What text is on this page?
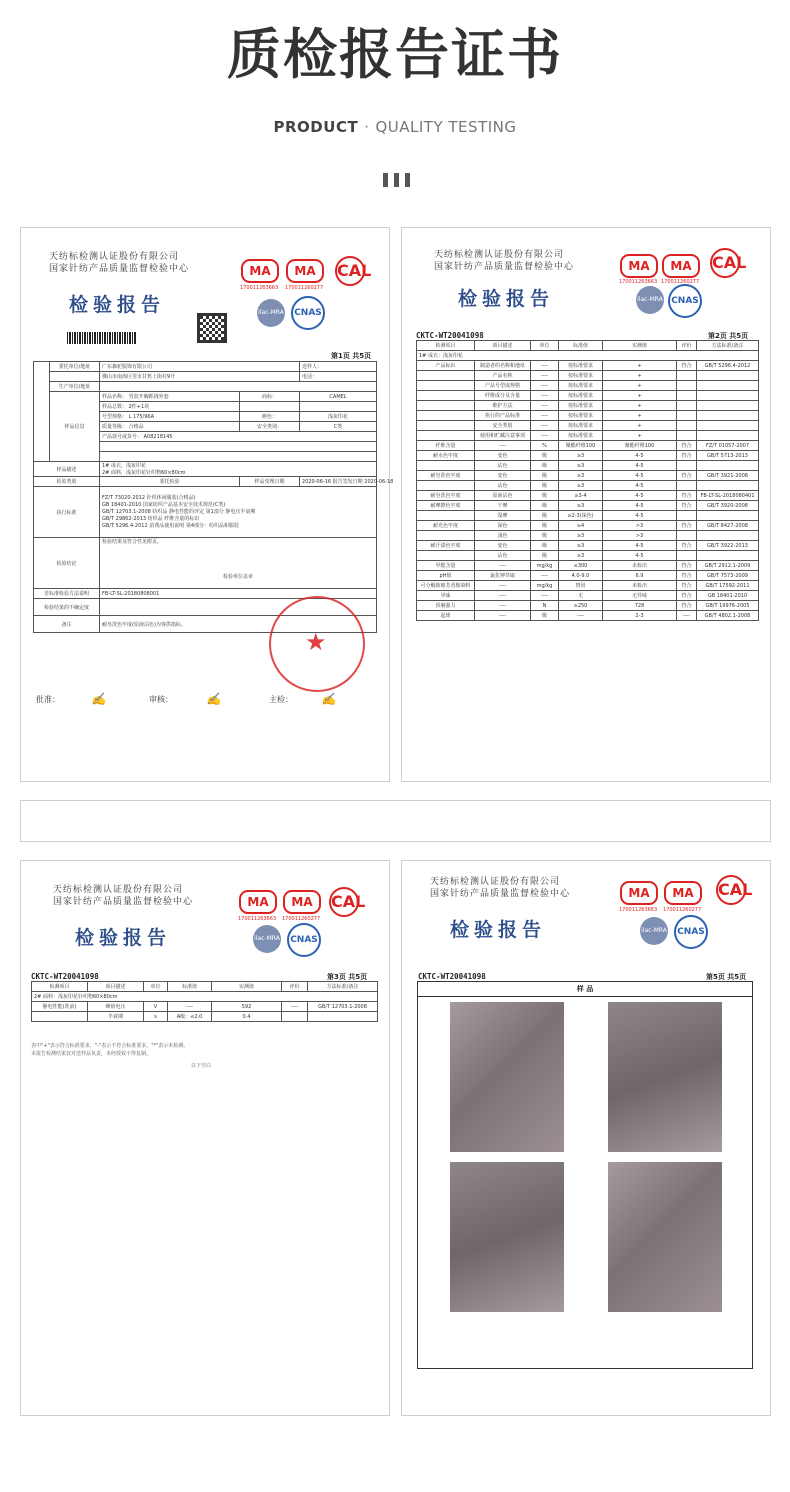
质检报告证书
PRODUCT · QUALITY TESTING
天纺标检测认证股份有限公司
国家针纺产品质量监督检验中心
检验报告
MA
170011263663
MA
170011260277
CAL
ilac-MRA	CNAS
第1页 共5页
	委托单位/地址	广东森驼服饰有限公司		送样人：
		佛山市南海区里水甘蕉上街村9号		电话：
	生产单位/地址			
	样品信息	样品名称： 男款开胸抓绒外套	商标：	CAMEL
		样品总数： 2件+1块		
		号型规格： L 175/96A	颜色：	浅灰印花
		质量等级： 合格品	安全类别：	C类
		产品款号或货号： A08218145		

样品描述		1# 成衣，浅灰印花
2# 面料，浅灰印花针织物60×80cm		

检验类别		委托检验	样品受理日期	2020-06-16 报告签发日期 2020-06-18
执行标准		FZ/T 73020-2012 针织休闲服装(合格品)
GB 18401-2010 国家纺织产品基本安全技术规范(C类)
GB/T 12703.1-2008 纺织品 静电性能的评定 第1部分 静电压半衰期
GB/T 29862-2013 纺织品 纤维含量的标识
GB/T 5296.4-2012 消费品使用说明 第4部分：纺织品和服装		

检验结论		检验结果及符合性见附页。
检验单位盖章		

非标准检验方法说明		FB-LT-SL-20180808001		
检验结果的不确定度				
备注		耐皂洗色牢度(原液沾色)为客供指标。		
★
批准：	✍	审核：	✍	主检： ✍
天纺标检测认证股份有限公司
国家针纺产品质量监督检验中心
检验报告
MA
170011263663
MA
170011260277
CAL
ilac-MRA CNAS
CKTC-WT20041098	第2页 共5页
检测项目	项目描述	单位	标准值	实测值	评价	方法标准/备注
1# 成衣：浅灰印花						
产品标识	制造者的名称和地址	----	按标准要求	+	符合	GB/T 5296.4-2012
	产品名称	----	按标准要求	+		
	产品号型或规格	----	按标准要求	+		
	纤维成分及含量	----	按标准要求	+		
	维护方法	----	按标准要求	+		
	执行的产品标准	----	按标准要求	+		
	安全类别	----	按标准要求	+		
	使用和贮藏注意事项	----	按标准要求	+		
纤维含量	----	%	聚酯纤维100	聚酯纤维100	符合	FZ/T 01057-2007
耐水色牢度	变色	级	≥3	4-5	符合	GB/T 5713-2013
	沾色	级	≥3	4-5		
耐皂洗色牢度	变色	级	≥3	4-5	符合	GB/T 3921-2008
	沾色	级	≥3	4-5		
耐皂洗色牢度	原液沾色	级	≥3-4	4-5	符合	FB-LT-SL-2018080401
耐摩擦色牢度	干摩	级	≥3	4-5	符合	GB/T 3920-2008
	湿摩	级	≥2-3(深色)	4-5		
耐光色牢度	深色	级	≥4	>3	符合	GB/T 8427-2008
	浅色	级	≥3	>3		
耐汗渍色牢度	变色	级	≥3	4-5	符合	GB/T 3922-2013
	沾色	级	≥3	4-5		
甲醛含量	----	mg/kg	≤300	未检出	符合	GB/T 2912.1-2009
pH值	氯化钾萃取	----	4.0-9.0	6.9	符合	GB/T 7573-2009
可分解致癌芳香胺染料	----	mg/kg	禁用	未检出	符合	GB/T 17592-2011
异味	----	----	无	无异味	符合	GB 18401-2010
顶破强力	----	N	≥250	728	符合	GB/T 19976-2005
起球	----	级	----	2-3	----	GB/T 4802.1-2008
天纺标检测认证股份有限公司
国家针纺产品质量监督检验中心
检验报告
MA
170011263663
MA
170011260277
CAL
ilac-MRA	CNAS
CKTC-WT20041098	第3页 共5页
检测项目	项目描述	单位	标准值	实测值	评价	方法标准/备注
2# 面料：浅灰印花针织物60×80cm						
静电性能(洗前)	峰值电压	V	----	592	----	GB/T 12703.1-2008
	半衰期	s	A级：≤2.0	0.4		
表中"+"表示符合标准要求，"-"表示不符合标准要求，"*"表示未检测。
本报告检测结果仅对送样品负责，未经授权不得复制。
以下空白
天纺标检测认证股份有限公司
国家针纺产品质量监督检验中心
检验报告
MA
170011263663
MA
170011260277
CAL
ilac-MRA	CNAS
CKTC-WT20041098	第5页 共5页
样 品
